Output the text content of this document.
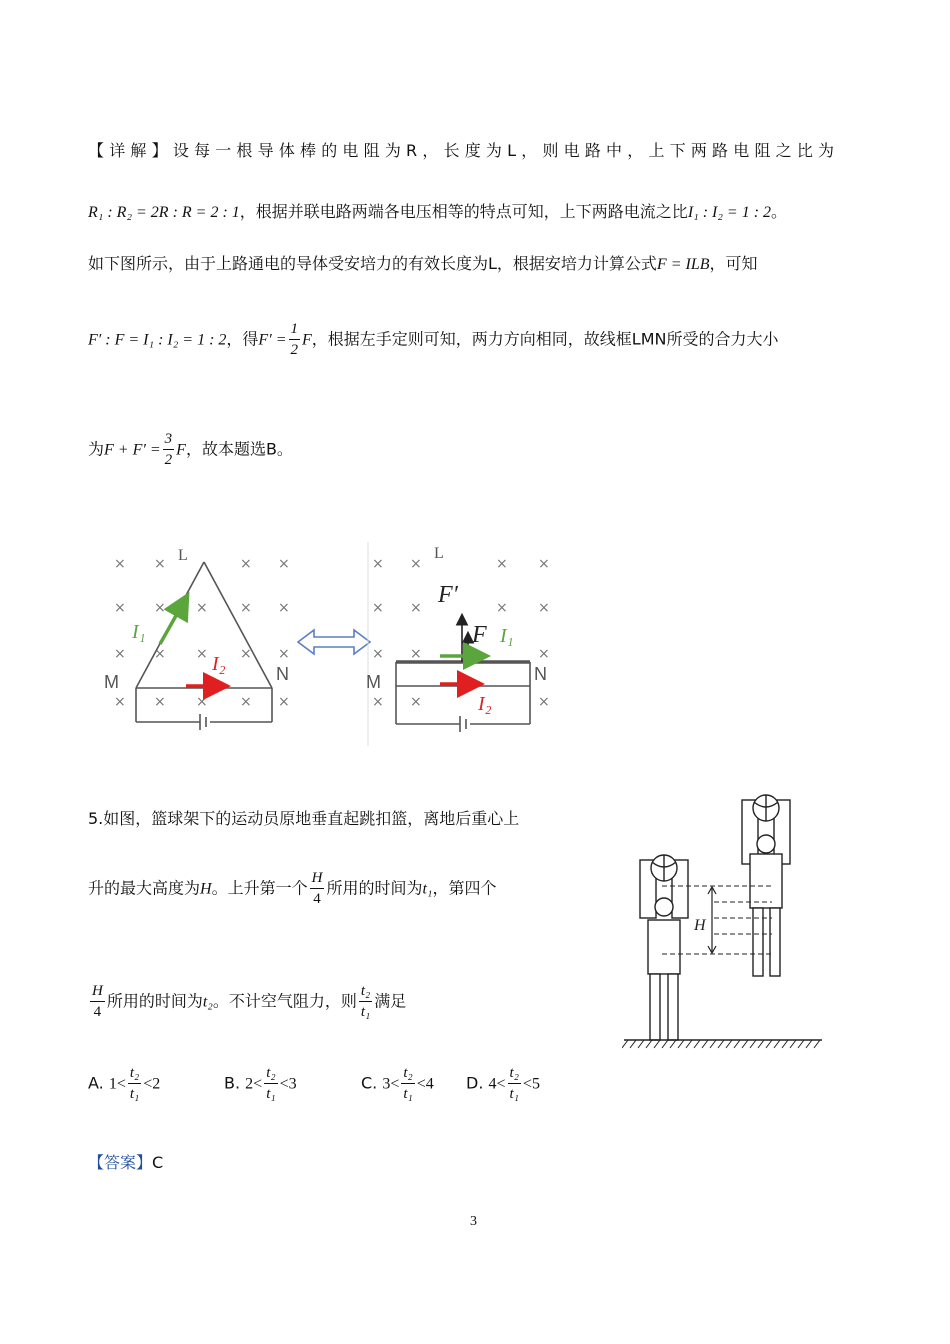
【详解】设每一根导体棒的电阻为R，长度为L，则电路中，上下两路电阻之比为
R₁ : R₂ = 2R : R = 2 : 1，根据并联电路两端各电压相等的特点可知，上下两路电流之比I₁ : I₂ = 1 : 2。
如下图所示，由于上路通电的导体受安培力的有效长度为L，根据安培力计算公式F = ILB，可知
F′ : F = I₁ : I₂ = 1 : 2，得$F' = \frac{1}{2}$ F，根据左手定则可知，两力方向相同，故线框LMN所受的合力大小
为$F + F' = \frac{3}{2}$ F，故本题选B。
× ×	× ×
× × × × ×
× × × × ×
× × × × ×
L
M	N
I₁
I₂
× ×	× ×
× ×	× ×
× ×	×
× ×	×
L
F′
F I₁
I₂
M	N
5.如图，篮球架下的运动员原地垂直起跳扣篮，离地后重心上
升的最大高度为H。上升第一个 $\frac{H}{4}$ 所用的时间为t₁，第四个
$\frac{H}{4}$ 所用的时间为t₂。不计空气阻力，则 $\frac{\text{t₂}}{\text{t₁}}$ 满足
A. $1< \frac{\text{t₂}}{\text{t₁}} <2$	B. $2< \frac{\text{t₂}}{\text{t₁}} <3$	C. $3< \frac{\text{t₂}}{\text{t₁}} <4$ D. $4< \frac{\text{t₂}}{\text{t₁}} <5$
【答案】C
H
3
